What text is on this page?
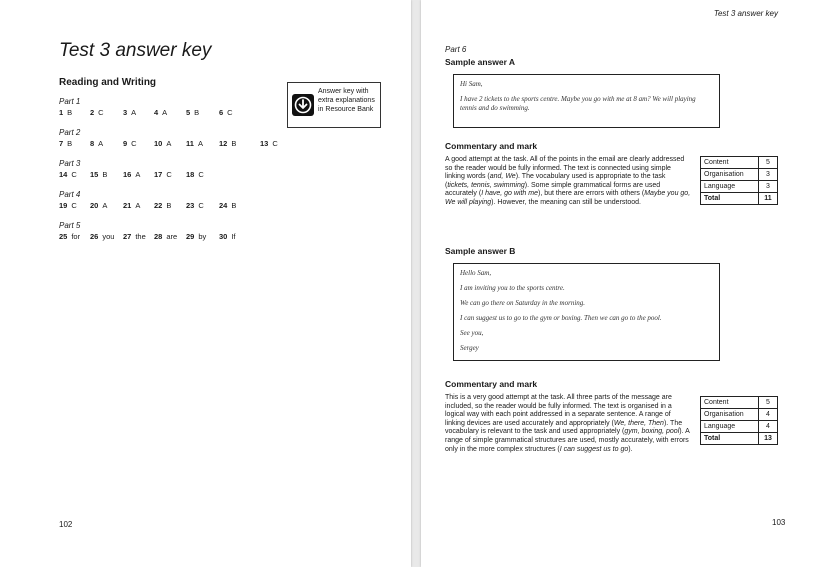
Test 3 answer key
Reading and Writing
Part 1
1 B 2 C	3 A 4 A	5 B	6 C
Part 2
7 B 8 A	9 C 10 A 11 A 12 B	13 C
Part 3
14 C 15 B 16 A 17 C 18 C
Part 4
19 C 20 A 21 A 22 B 23 C 24 B
Part 5
25 for 26 you 27 the 28 are 29 by 30 If
Answer key with extra explanations in Resource Bank
102
Test 3 answer key
Part 6
Sample answer A

Hi Sam,

I have 2 tickets to the sports centre. Maybe you go with me at 8 am? We will playing tennis and do swimming.

Commentary and mark

A good attempt at the task. All of the points in the email are clearly addressed so the reader would be fully informed. The text is connected using simple linking words (and, We). The vocabulary used is appropriate to the task (tickets, tennis, swimming). Some simple grammatical forms are used accurately (I have, go with me), but there are errors with others (Maybe you go, We will playing). However, the meaning can still be understood.

Content	5
Organisation	3
Language	3
Total	11
Sample answer B

Hello Sam,

I am inviting you to the sports centre.

We can go there on Saturday in the morning.

I can suggest us to go to the gym or boxing. Then we can go to the pool.

See you,

Sergey

Commentary and mark

This is a very good attempt at the task. All three parts of the message are included, so the reader would be fully informed. The text is organised in a logical way with each point addressed in a separate sentence. A range of linking devices are used accurately and appropriately (We, there, Then). The vocabulary is relevant to the task and used appropriately (gym, boxing, pool). A range of simple grammatical structures are used, mostly accurately, with errors only in the more complex structures (I can suggest us to go).

Content	5
Organisation	4
Language	4
Total	13
103
